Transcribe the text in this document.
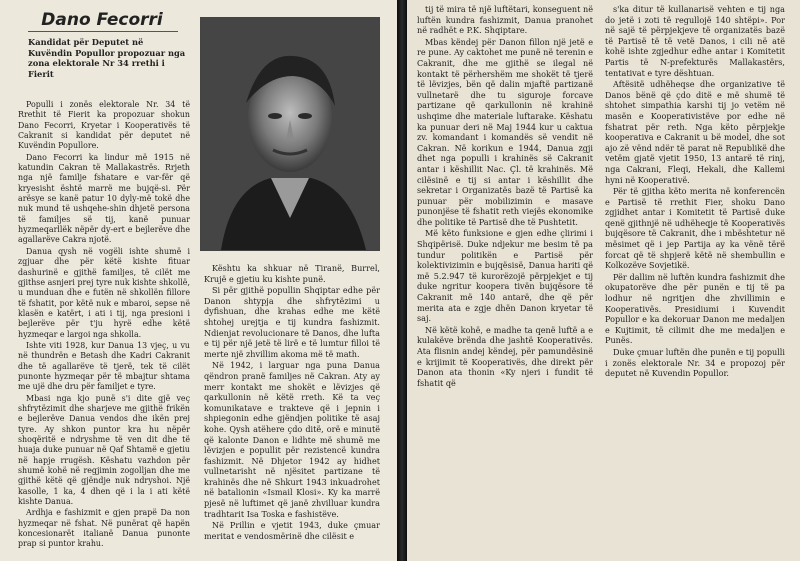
Dano Fecorri
Kandidat për Deputet në Kuvëndin Popullor propozuar nga zona elektorale Nr 34 rrethi i Fierit

Populli i zonës elektorale Nr. 34 të Rrethit të Fierit ka propozuar shokun Dano Fecorri, Kryetar i Kooperativës të Cakranit si kandidat për deputet në Kuvëndin Popullore.

Dano Fecorri ka lindur më 1915 në katundin Cakran të Mallakastrës. Rrjeth nga një familje fshatare e var-fër që kryesisht është marrë me bujqë-si. Për arësye se kanë patur 10 dyly-më tokë dhe nuk mund të ushqehe-shin dhjetë persona të familjes së tij, kanë punuar hyzmeqarllëk nëpër dy-ert e bejlerëve dhe agallarëve Cakra njotë.

Danua qysh në vogëli ishte shumë i zgjuar dhe për këtë kishte fituar dashurinë e gjithë familjes, të cilët me gjithse asnjeri prej tyre nuk kishte shkollë, u munduan dhe e futën në shkollën fillore të fshatit, por këtë nuk e mbaroi, sepse në klasën e katërt, i ati i tij, nga presioni i bejlerëve për t'ju hyrë edhe këtë hyzmeqar e largoi nga shkolla.

Ishte viti 1928, kur Danua 13 vjeç, u vu në thundrën e Betash dhe Kadri Cakranit dhe të agallarëve të tjerë, tek të cilët punonte hyzmeqar për të mbajtur shtama me ujë dhe dru për familjet e tyre.

Mbasi nga kjo punë s'i dite gjë veç shfrytëzimit dhe sharjeve me gjithë frikën e bejlerëve Danua vendos dhe ikën prej tyre. Ay shkon puntor kra hu nëpër shoqëritë e ndryshme të ven dit dhe të huaja duke punuar në Qaf Shtamë e gjetiu në hapje rrugësh. Këshatu vazhdon për shumë kohë në regjimin zogolljan dhe me gjithë këtë që gjëndje nuk ndryshoi. Një kasolle, 1 ka, 4 dhen që i la i ati këtë kishte Danua.

Ardhja e fashizmit e gjen prapë Da non hyzmeqar në fshat. Në punërat që hapën koncesionarët italianë Danua punonte prap si puntor krahu.

Kështu ka shkuar në Tiranë, Burrel, Krujë e gjetiu ku kishte punë.

Si për gjithë popullin Shqiptar edhe për Danon shtypja dhe shfrytëzimi u dyfishuan, dhe krahas edhe me këtë shtohej urejtja e tij kundra fashizmit. Ndienjat revolucionare të Danos, dhe lufta e tij për një jetë të lirë e të lumtur filloi të merte një zhvillim akoma më të math.

Në 1942, i larguar nga puna Danua qëndron pranë familjes në Cakran. Aty ay merr kontakt me shokët e lëvizjes që qarkullonin në këtë rreth. Kë ta veç komunikatave e trakteve që i jepnin i shpiegonin edhe gjëndjen politike të asaj kohe. Qysh atëhere çdo ditë, orë e minutë që kalonte Danon e lidhte më shumë me lëvizjen e popullit për rezistencë kundra fashizmit. Në Dhjetor 1942 ay hidhet vullnetarisht në njësitet partizane të krahinës dhe në Shkurt 1943 inkuadrohet në batalionin «Ismail Klosi». Ky ka marrë pjesë në luftimet që janë zhvilluar kundra tradhtarit Isa Toska e fashistëve.

Në Prillin e vjetit 1943, duke çmuar meritat e vendosmërinë dhe cilësit e

tij të mira të një luftëtari, konseguent në luftën kundra fashizmit, Danua pranohet në radhët e P.K. Shqiptare.

Mbas këndej për Danon fillon një jetë e re pune. Ay caktohet me punë në terenin e Cakranit, dhe me gjithë se ilegal në kontakt të përhershëm me shokët të tjerë të lëvizjes, bën që dalin mjaftë partizanë vullnetarë dhe tu siguroje forcave partizane që qarkullonin në krahinë ushqime dhe materiale luftarake. Këshatu ka punuar deri në Maj 1944 kur u caktua zv. komandant i komandës së vendit në Cakran. Në korikun e 1944, Danua zgji dhet nga populli i krahinës së Cakranit antar i këshillit Nac. Çl. të krahinës. Më cilësinë e tij si antar i këshillit dhe sekretar i Organizatës bazë të Partisë ka punuar për mobilizimin e masave punonjëse të fshatit reth viejës ekonomike dhe politike të Partisë dhe të Pushtetit.

Më këto funksione e gjen edhe çlirimi i Shqipërisë. Duke ndjekur me besim të pa tundur politikën e Partisë për kolektivizimin e bujqësisë, Danua hariti që më 5.2.947 të kurorëzojë përpjekjet e tij duke ngritur koopera tivën bujqësore të Cakranit më 140 antarë, dhe që për merita ata e zgje dhën Danon kryetar të saj.

Në këtë kohë, e madhe ta qenë luftë a e kulakëve brënda dhe jashtë Kooperativës. Ata flisnin andej këndej, për pamundësinë e krijimit të Kooperativës, dhe direkt për Danon ata thonin «Ky njeri i fundit të fshatit që

s'ka ditur të kullanarisë vehten e tij nga do jetë i zoti të regullojë 140 shtëpi». Por në sajë të përpjekjeve të organizatës bazë të Partisë të të vetë Danos, i cili në atë kohë ishte zgjedhur edhe antar i Komitetit Partis të N-prefekturës Mallakastërs, tentativat e tyre dështuan.

Aftësitë udhëheqse dhe organizative të Danos bënë që çdo ditë e më shumë të shtohet simpathia karshi tij jo vetëm në masën e Kooperativistëve por edhe në fshatrat për reth. Nga këto përpjekje kooperativa e Cakranit u bë model, dhe sot ajo zë vënd ndër të parat në Republikë dhe vetëm gjatë vjetit 1950, 13 antarë të rinj, nga Cakrani, Fleqi, Hekali, dhe Kallemi hyni në Kooperativë.

Për të gjitha këto merita në konferencën e Partisë të rrethit Fier, shoku Dano zgjidhet antar i Komitetit të Partisë duke qenë gjithnjë në udhëheqje të Kooperativës bujqësore të Cakranit, dhe i mbështetur në mësimet që i jep Partija ay ka vënë tërë forcat që të shpjerë këtë në shembullin e Kolkozëve Sovjetikë.

Për dallim në luftën kundra fashizmit dhe okupatorëve dhe për punën e tij të pa lodhur në ngritjen dhe zhvillimin e Kooperativës. Presidiumi i Kuvendit Popullor e ka dekoruar Danon me medaljen e Kujtimit, të cilimit dhe me medaljen e Punës.

Duke çmuar luftën dhe punën e tij populli i zonës elektorale Nr. 34 e propozoj për deputet në Kuvendin Popullor.
